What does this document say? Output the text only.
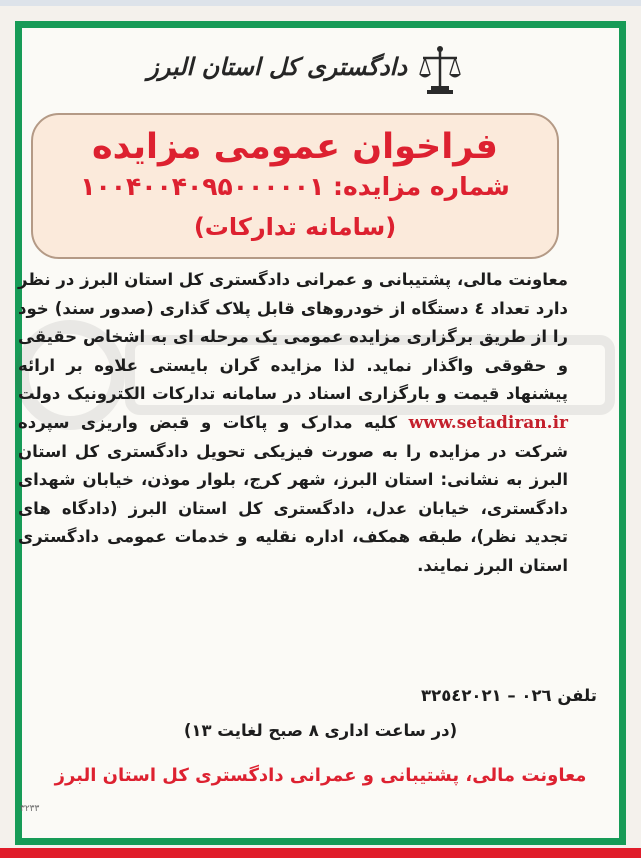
دادگستری کل استان البرز
فراخوان عمومی مزایده
شماره مزایده: ۱۰۰۴۰۰۴۰۹۵۰۰۰۰۰۱
(سامانه تدارکات)
معاونت مالی، پشتیبانی و عمرانی دادگستری کل استان البرز در نظر دارد تعداد ٤ دستگاه از خودروهای قابل پلاک گذاری (صدور سند) خود را از طریق برگزاری مزایده عمومی یک مرحله ای به اشخاص حقیقی و حقوقی واگذار نماید. لذا مزایده گران بایستی علاوه بر ارائه پیشنهاد قیمت و بارگزاری اسناد در سامانه تدارکات الکترونیک دولت www.setadiran.ir کلیه مدارک و پاکات و قبض واریزی سپرده شرکت در مزایده را به صورت فیزیکی تحویل دادگستری کل استان البرز به نشانی: استان البرز، شهر کرج، بلوار موذن، خیابان شهدای دادگستری، خیابان عدل، دادگستری کل استان البرز (دادگاه های تجدید نظر)، طبقه همکف، اداره نقلیه و خدمات عمومی دادگستری استان البرز نمایند.
تلفن ۰۲٦ – ۳۲٥٤۲۰۲۱
(در ساعت اداری ۸ صبح لغایت ۱۳)
معاونت مالی، پشتیبانی و عمرانی دادگستری کل استان البرز
۳۲۳۳
